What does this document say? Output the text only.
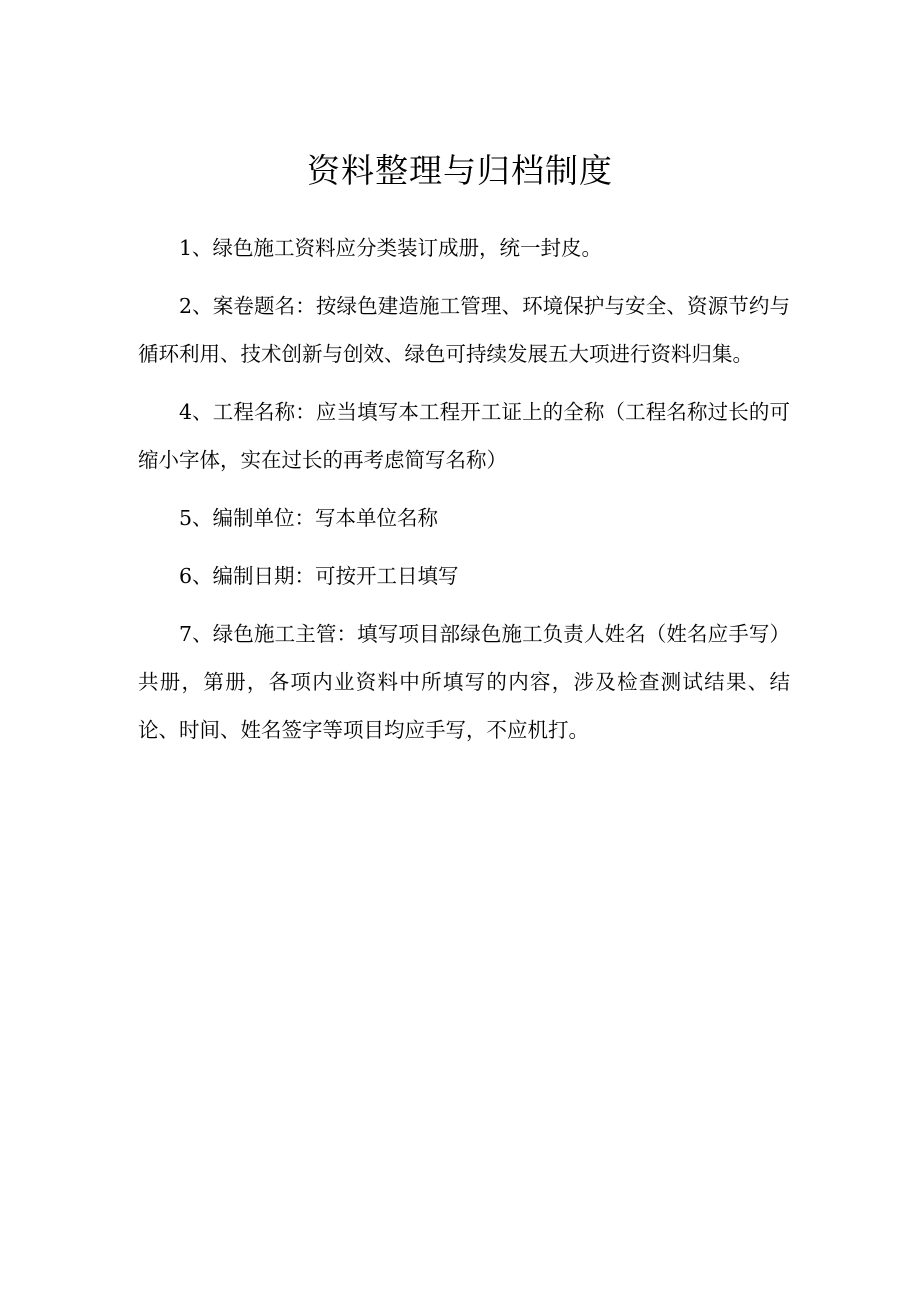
资料整理与归档制度

1、绿色施工资料应分类装订成册，统一封皮。

2、案卷题名：按绿色建造施工管理、环境保护与安全、资源节约与循环利用、技术创新与创效、绿色可持续发展五大项进行资料归集。

4、工程名称：应当填写本工程开工证上的全称（工程名称过长的可缩小字体，实在过长的再考虑简写名称）

5、编制单位：写本单位名称

6、编制日期：可按开工日填写

7、绿色施工主管：填写项目部绿色施工负责人姓名（姓名应手写）共册，第册，各项内业资料中所填写的内容，涉及检查测试结果、结论、时间、姓名签字等项目均应手写，不应机打。
